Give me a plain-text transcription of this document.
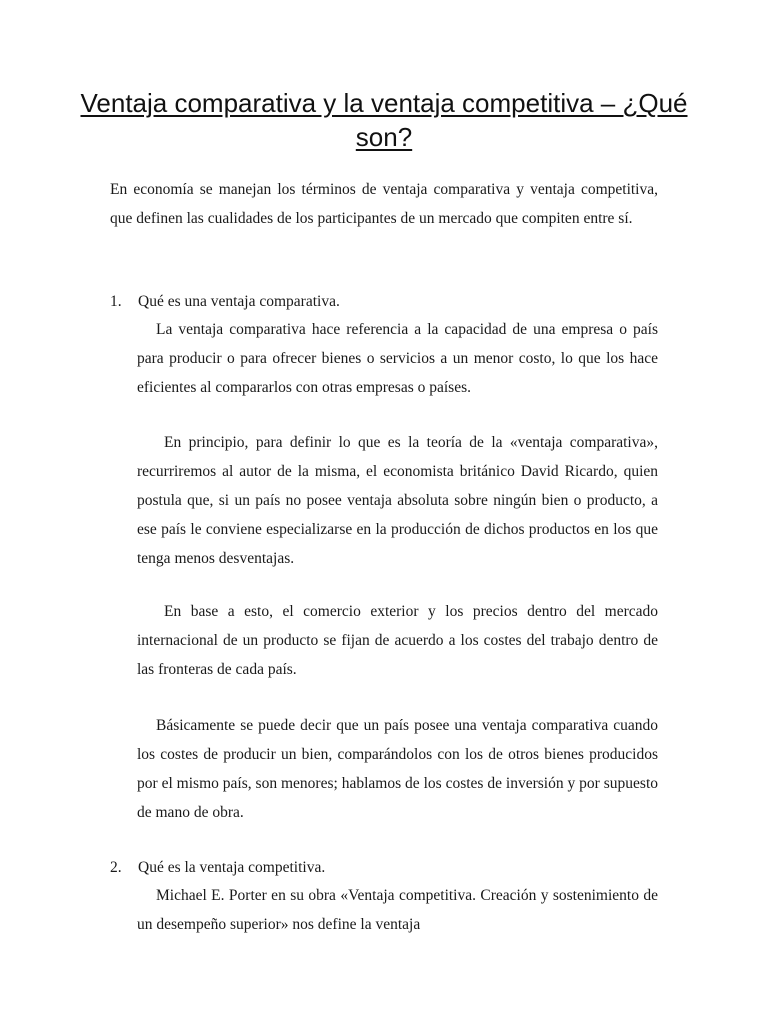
Ventaja comparativa y la ventaja competitiva – ¿Qué son?

En economía se manejan los términos de ventaja comparativa y ventaja competitiva, que definen las cualidades de los participantes de un mercado que compiten entre sí.

1. Qué es una ventaja comparativa.

La ventaja comparativa hace referencia a la capacidad de una empresa o país para producir o para ofrecer bienes o servicios a un menor costo, lo que los hace eficientes al compararlos con otras empresas o países.

En principio, para definir lo que es la teoría de la «ventaja comparativa», recurriremos al autor de la misma, el economista británico David Ricardo, quien postula que, si un país no posee ventaja absoluta sobre ningún bien o producto, a ese país le conviene especializarse en la producción de dichos productos en los que tenga menos desventajas.

En base a esto, el comercio exterior y los precios dentro del mercado internacional de un producto se fijan de acuerdo a los costes del trabajo dentro de las fronteras de cada país.

Básicamente se puede decir que un país posee una ventaja comparativa cuando los costes de producir un bien, comparándolos con los de otros bienes producidos por el mismo país, son menores; hablamos de los costes de inversión y por supuesto de mano de obra.

2. Qué es la ventaja competitiva.

Michael E. Porter en su obra «Ventaja competitiva. Creación y sostenimiento de un desempeño superior» nos define la ventaja
